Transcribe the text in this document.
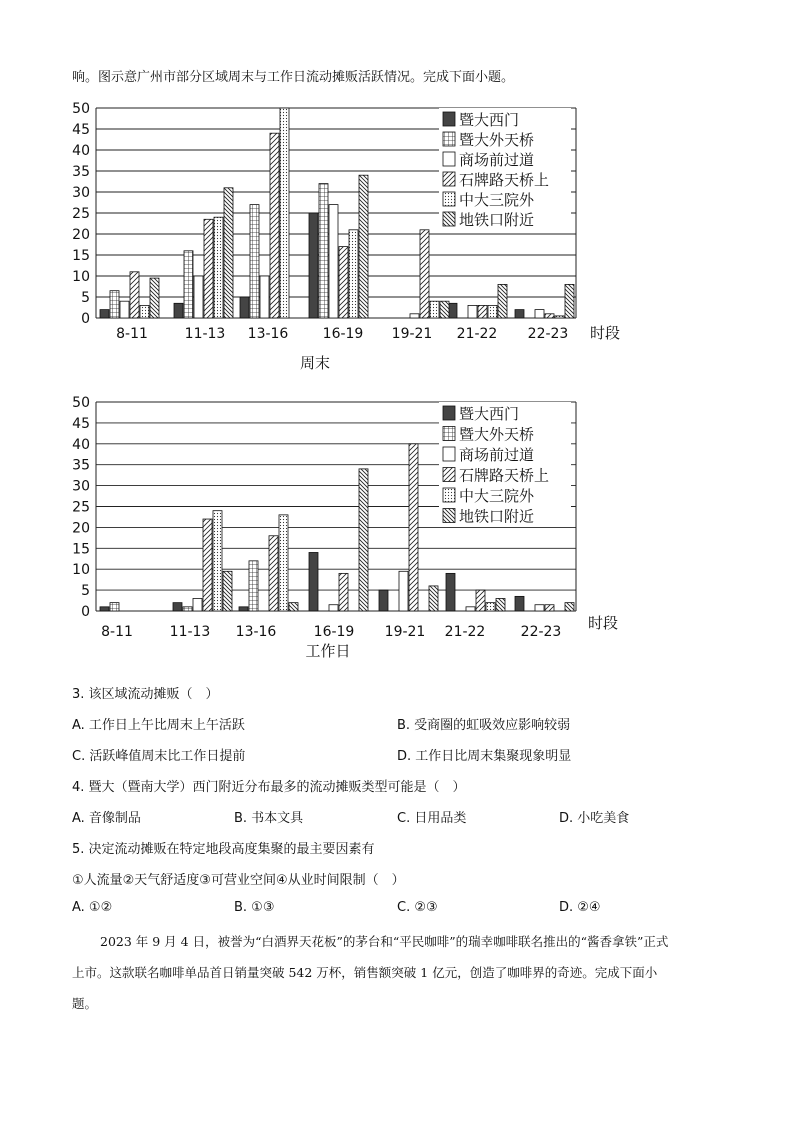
响。图示意广州市部分区域周末与工作日流动摊贩活跃情况。完成下面小题。
0
5
10
15
20
25
30
35
40
45
50
8-11	11-13 13-16 16-19 19-21 21-22 22-23 时段
周末
暨大西门
暨大外天桥
商场前过道
石牌路天桥上
中大三院外
地铁口附近
0
5
10
15
20
25
30
35
40
45
50
8-11	11-13 13-16	16-19 19-21 21-22	22-23 时段
工作日
暨大西门
暨大外天桥
商场前过道
石牌路天桥上
中大三院外
地铁口附近
3. 该区域流动摊贩（　）
A. 工作日上午比周末上午活跃	B. 受商圈的虹吸效应影响较弱
C. 活跃峰值周末比工作日提前	D. 工作日比周末集聚现象明显
4. 暨大（暨南大学）西门附近分布最多的流动摊贩类型可能是（　）
A. 音像制品	B. 书本文具	C. 日用品类	D. 小吃美食
5. 决定流动摊贩在特定地段高度集聚的最主要因素有
①人流量②天气舒适度③可营业空间④从业时间限制（　）
A. ①②	B. ①③	C. ②③	D. ②④
2023 年 9 月 4 日，被誉为“白酒界天花板”的茅台和“平民咖啡”的瑞幸咖啡联名推出的“酱香拿铁”正式
上市。这款联名咖啡单品首日销量突破 542 万杯，销售额突破 1 亿元，创造了咖啡界的奇迹。完成下面小
题。
